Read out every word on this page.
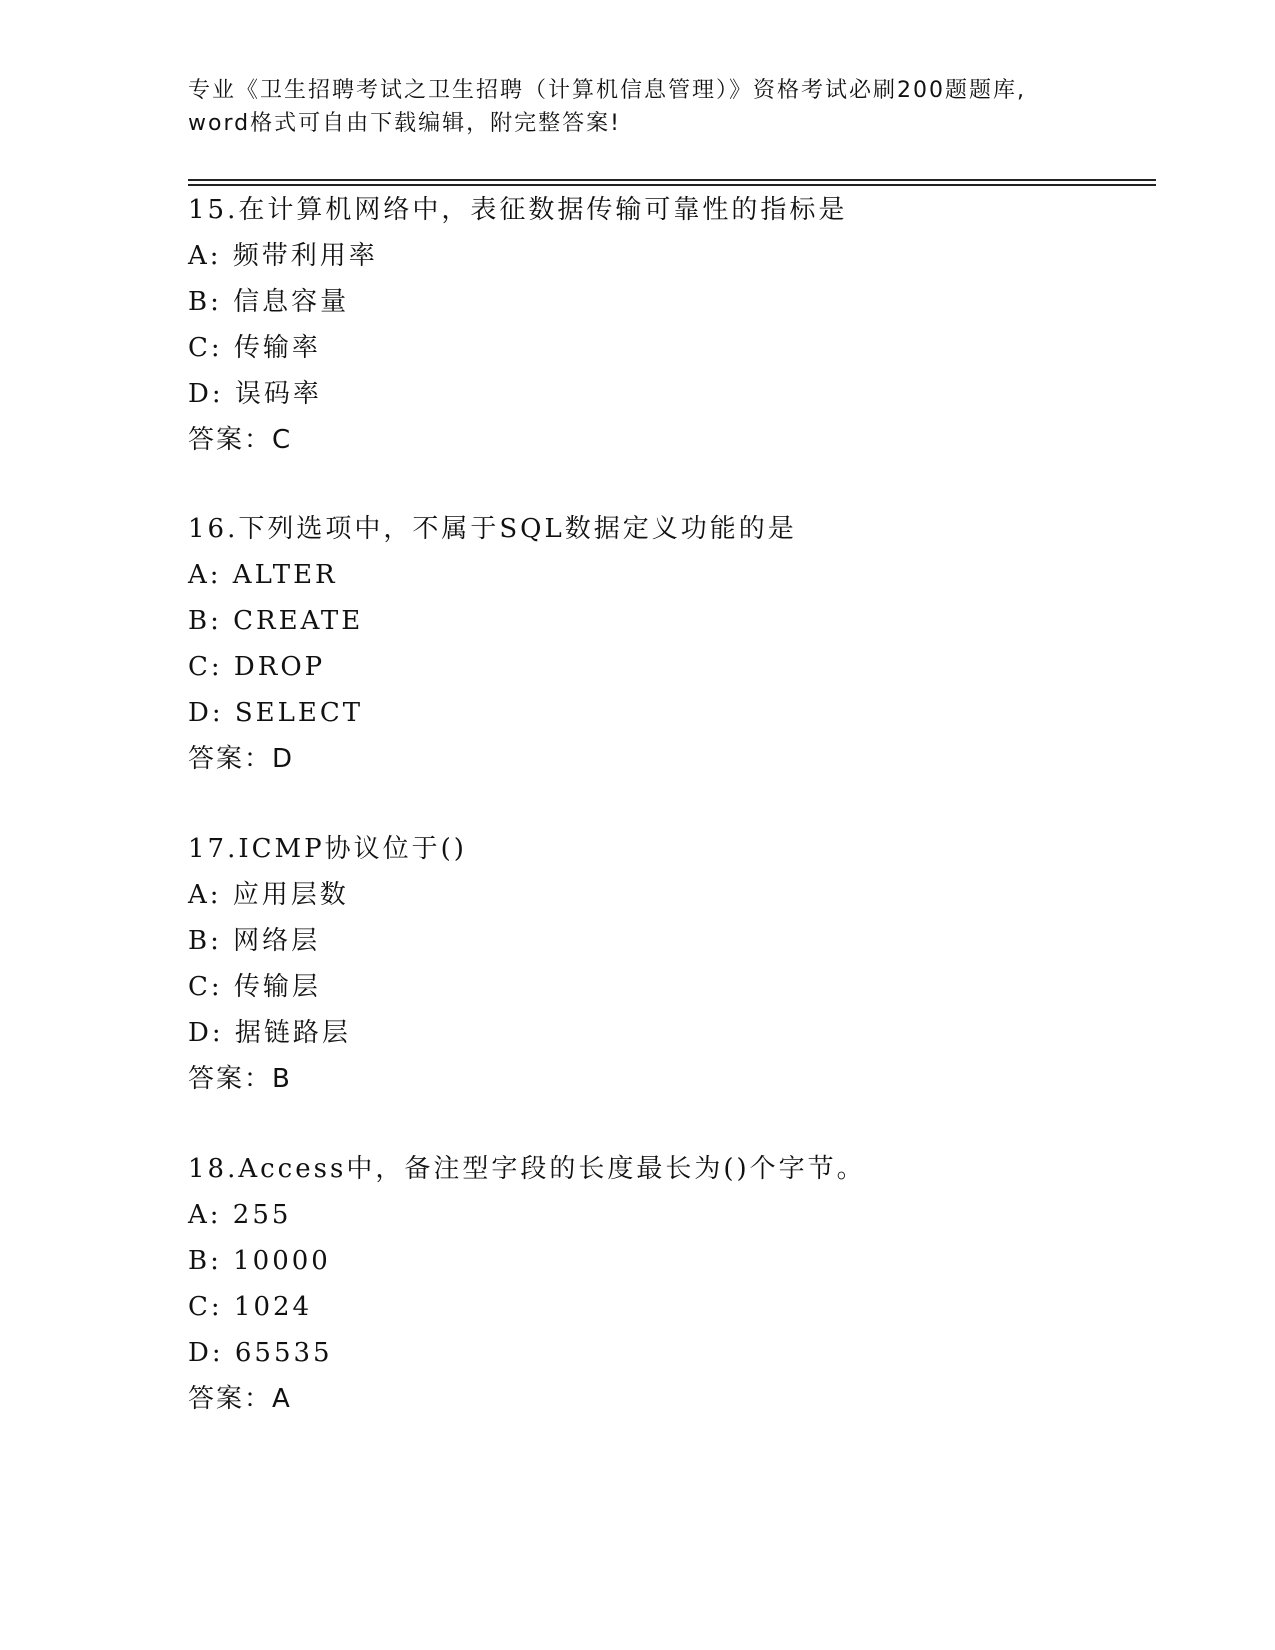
专业《卫生招聘考试之卫生招聘（计算机信息管理）》资格考试必刷200题题库,
word格式可自由下载编辑，附完整答案!
15.在计算机网络中，表征数据传输可靠性的指标是
A: 频带利用率
B: 信息容量
C: 传输率
D: 误码率
答案：C
16.下列选项中，不属于SQL数据定义功能的是
A: ALTER
B: CREATE
C: DROP
D: SELECT
答案：D
17.ICMP协议位于()
A: 应用层数
B: 网络层
C: 传输层
D: 据链路层
答案：B
18.Access中，备注型字段的长度最长为()个字节。
A: 255
B: 10000
C: 1024
D: 65535
答案：A
